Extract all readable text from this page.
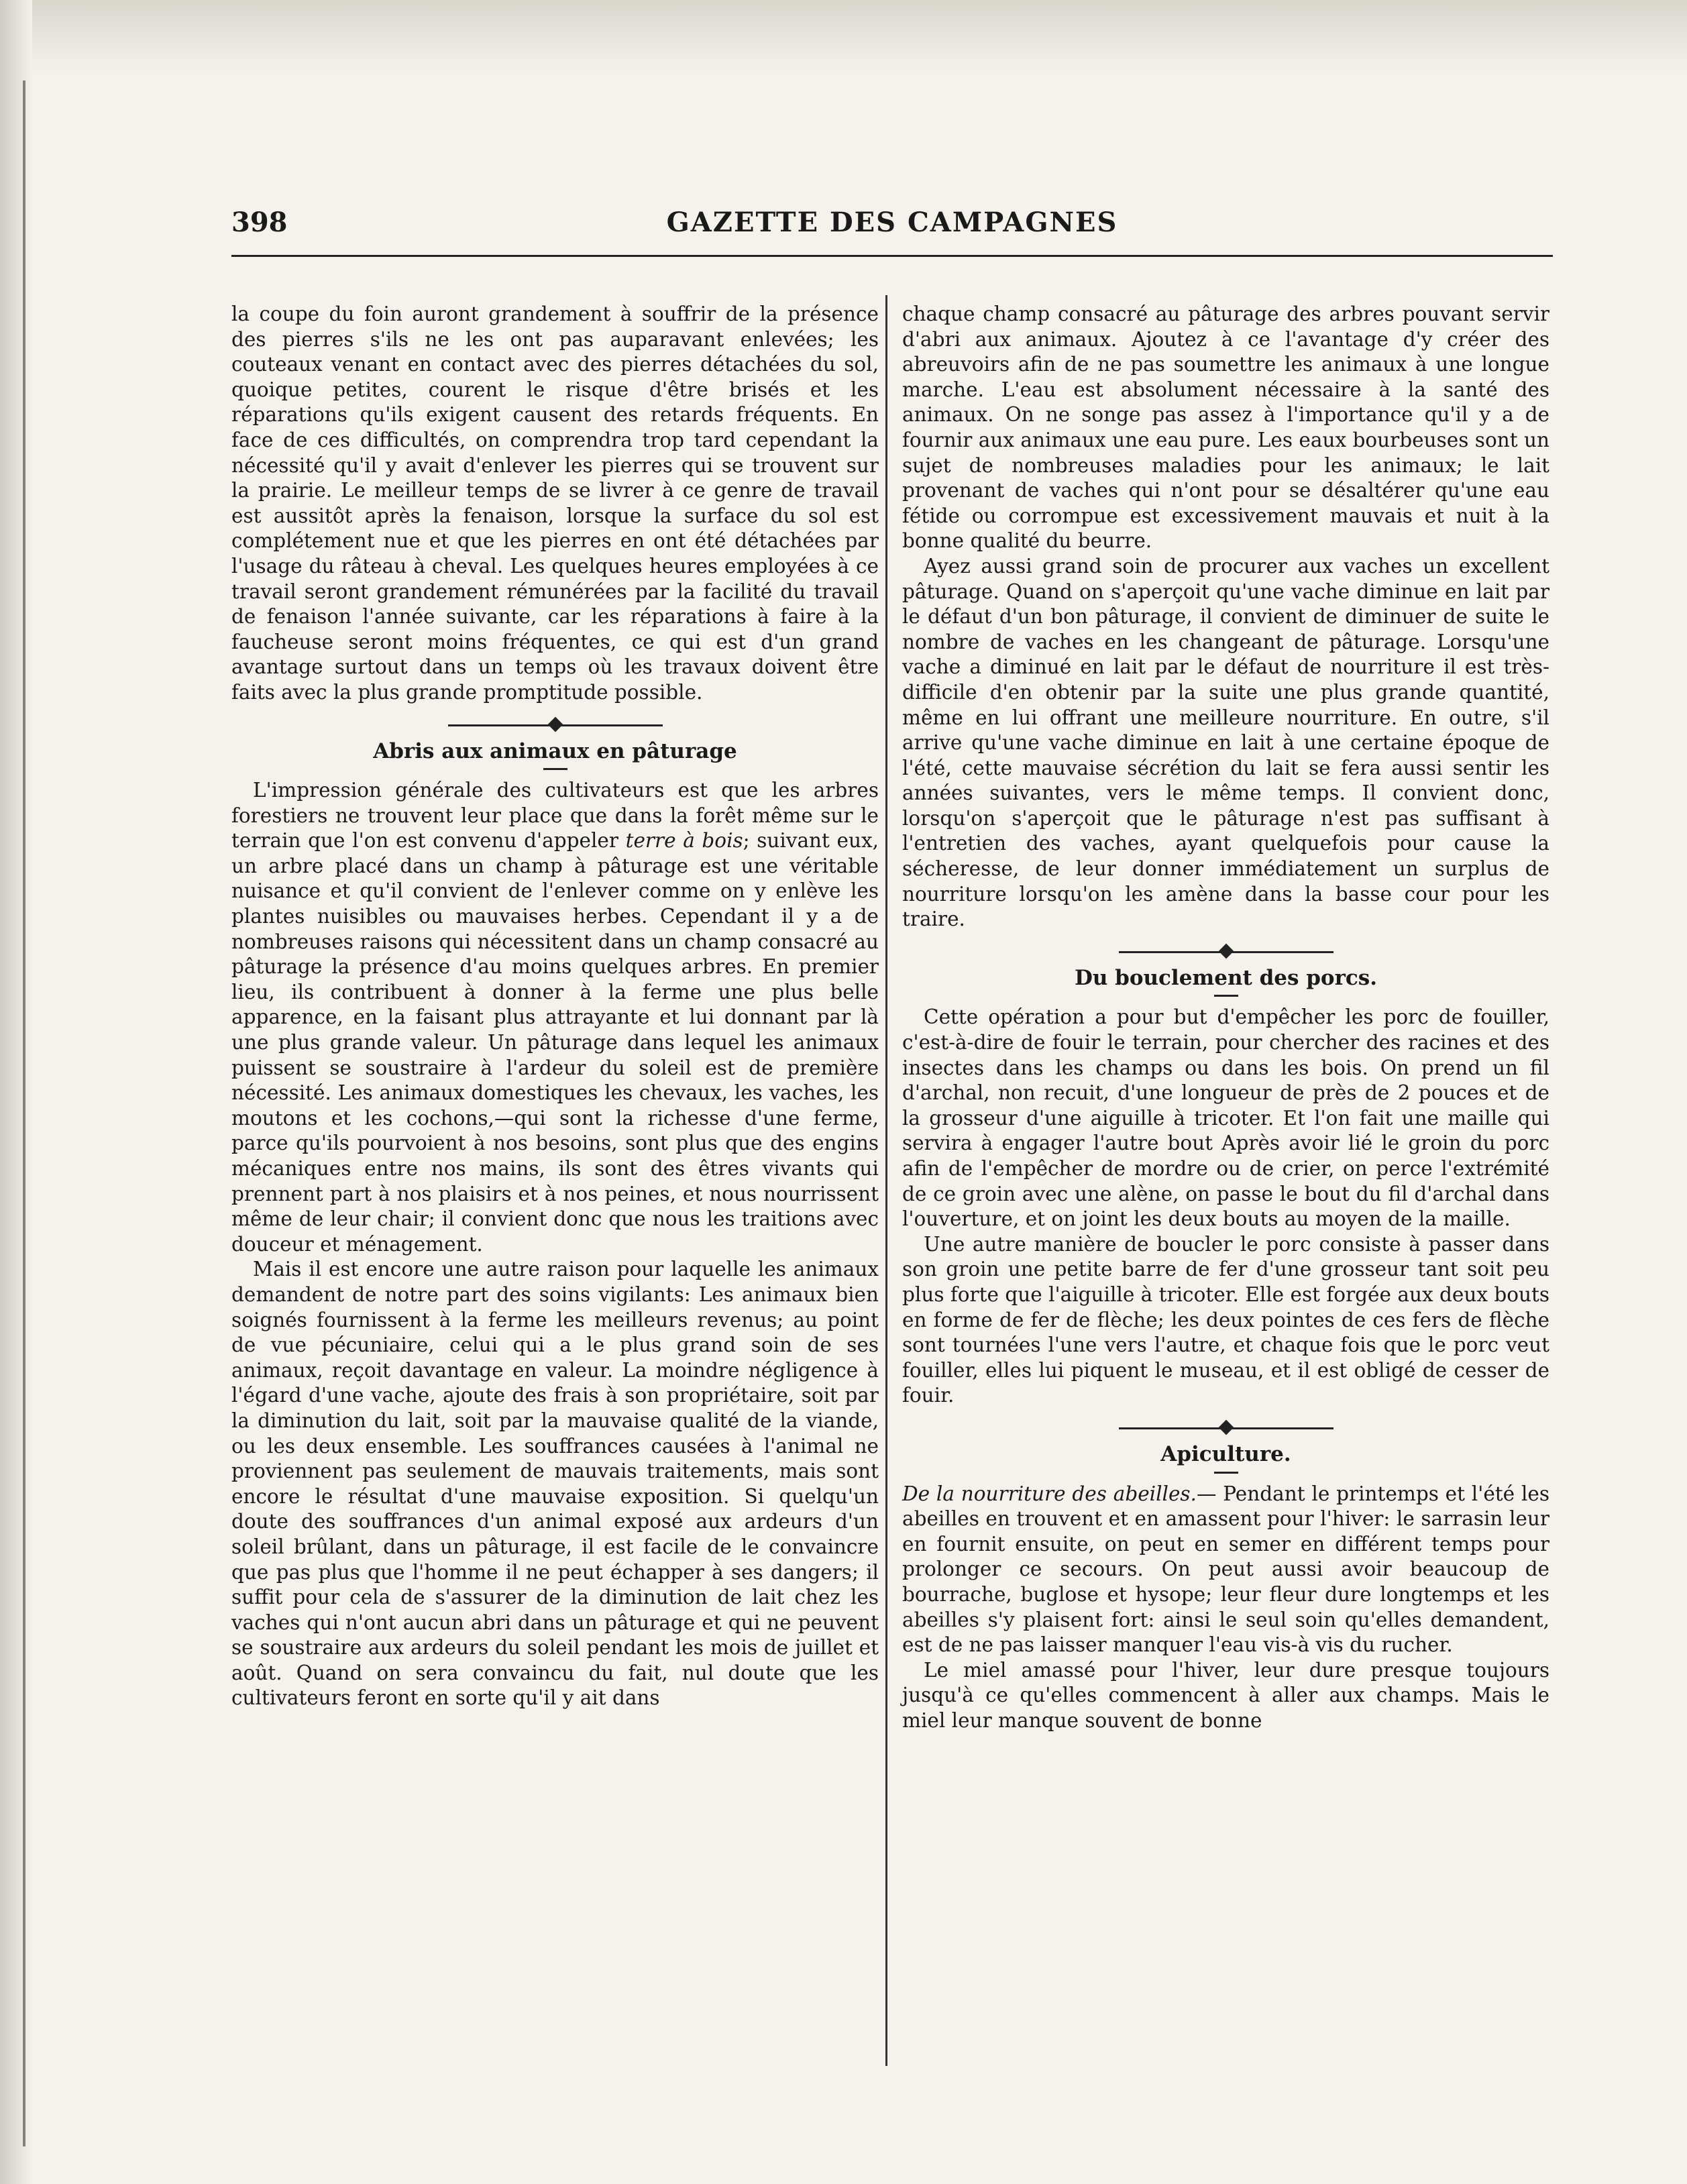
398	GAZETTE DES CAMPAGNES

la coupe du foin auront grandement à souffrir de la présence des pierres s'ils ne les ont pas auparavant enlevées; les couteaux venant en contact avec des pierres détachées du sol, quoique petites, courent le risque d'être brisés et les réparations qu'ils exigent causent des retards fréquents. En face de ces difficultés, on comprendra trop tard cependant la nécessité qu'il y avait d'enlever les pierres qui se trouvent sur la prairie. Le meilleur temps de se livrer à ce genre de travail est aussitôt après la fenaison, lorsque la surface du sol est complétement nue et que les pierres en ont été détachées par l'usage du râteau à cheval. Les quelques heures employées à ce travail seront grandement rémunérées par la facilité du travail de fenaison l'année suivante, car les réparations à faire à la faucheuse seront moins fréquentes, ce qui est d'un grand avantage surtout dans un temps où les travaux doivent être faits avec la plus grande promptitude possible.

Abris aux animaux en pâturage

L'impression générale des cultivateurs est que les arbres forestiers ne trouvent leur place que dans la forêt même sur le terrain que l'on est convenu d'appeler terre à bois; suivant eux, un arbre placé dans un champ à pâturage est une véritable nuisance et qu'il convient de l'enlever comme on y enlève les plantes nuisibles ou mauvaises herbes. Cependant il y a de nombreuses raisons qui nécessitent dans un champ consacré au pâturage la présence d'au moins quelques arbres. En premier lieu, ils contribuent à donner à la ferme une plus belle apparence, en la faisant plus attrayante et lui donnant par là une plus grande valeur. Un pâturage dans lequel les animaux puissent se soustraire à l'ardeur du soleil est de première nécessité. Les animaux domestiques les chevaux, les vaches, les moutons et les cochons,—qui sont la richesse d'une ferme, parce qu'ils pourvoient à nos besoins, sont plus que des engins mécaniques entre nos mains, ils sont des êtres vivants qui prennent part à nos plaisirs et à nos peines, et nous nourrissent même de leur chair; il convient donc que nous les traitions avec douceur et ménagement.

Mais il est encore une autre raison pour laquelle les animaux demandent de notre part des soins vigilants: Les animaux bien soignés fournissent à la ferme les meilleurs revenus; au point de vue pécuniaire, celui qui a le plus grand soin de ses animaux, reçoit davantage en valeur. La moindre négligence à l'égard d'une vache, ajoute des frais à son propriétaire, soit par la diminution du lait, soit par la mauvaise qualité de la viande, ou les deux ensemble. Les souffrances causées à l'animal ne proviennent pas seulement de mauvais traitements, mais sont encore le résultat d'une mauvaise exposition. Si quelqu'un doute des souffrances d'un animal exposé aux ardeurs d'un soleil brûlant, dans un pâturage, il est facile de le convaincre que pas plus que l'homme il ne peut échapper à ses dangers; il suffit pour cela de s'assurer de la diminution de lait chez les vaches qui n'ont aucun abri dans un pâturage et qui ne peuvent se soustraire aux ardeurs du soleil pendant les mois de juillet et août. Quand on sera convaincu du fait, nul doute que les cultivateurs feront en sorte qu'il y ait dans

chaque champ consacré au pâturage des arbres pouvant servir d'abri aux animaux. Ajoutez à ce l'avantage d'y créer des abreuvoirs afin de ne pas soumettre les animaux à une longue marche. L'eau est absolument nécessaire à la santé des animaux. On ne songe pas assez à l'importance qu'il y a de fournir aux animaux une eau pure. Les eaux bourbeuses sont un sujet de nombreuses maladies pour les animaux; le lait provenant de vaches qui n'ont pour se désaltérer qu'une eau fétide ou corrompue est excessivement mauvais et nuit à la bonne qualité du beurre.

Ayez aussi grand soin de procurer aux vaches un excellent pâturage. Quand on s'aperçoit qu'une vache diminue en lait par le défaut d'un bon pâturage, il convient de diminuer de suite le nombre de vaches en les changeant de pâturage. Lorsqu'une vache a diminué en lait par le défaut de nourriture il est très-difficile d'en obtenir par la suite une plus grande quantité, même en lui offrant une meilleure nourriture. En outre, s'il arrive qu'une vache diminue en lait à une certaine époque de l'été, cette mauvaise sécrétion du lait se fera aussi sentir les années suivantes, vers le même temps. Il convient donc, lorsqu'on s'aperçoit que le pâturage n'est pas suffisant à l'entretien des vaches, ayant quelquefois pour cause la sécheresse, de leur donner immédiatement un surplus de nourriture lorsqu'on les amène dans la basse cour pour les traire.

Du bouclement des porcs.

Cette opération a pour but d'empêcher les porc de fouiller, c'est-à-dire de fouir le terrain, pour chercher des racines et des insectes dans les champs ou dans les bois. On prend un fil d'archal, non recuit, d'une longueur de près de 2 pouces et de la grosseur d'une aiguille à tricoter. Et l'on fait une maille qui servira à engager l'autre bout Après avoir lié le groin du porc afin de l'empêcher de mordre ou de crier, on perce l'extrémité de ce groin avec une alène, on passe le bout du fil d'archal dans l'ouverture, et on joint les deux bouts au moyen de la maille.

Une autre manière de boucler le porc consiste à passer dans son groin une petite barre de fer d'une grosseur tant soit peu plus forte que l'aiguille à tricoter. Elle est forgée aux deux bouts en forme de fer de flèche; les deux pointes de ces fers de flèche sont tournées l'une vers l'autre, et chaque fois que le porc veut fouiller, elles lui piquent le museau, et il est obligé de cesser de fouir.

Apiculture.

De la nourriture des abeilles.— Pendant le printemps et l'été les abeilles en trouvent et en amassent pour l'hiver: le sarrasin leur en fournit ensuite, on peut en semer en différent temps pour prolonger ce secours. On peut aussi avoir beaucoup de bourrache, buglose et hysope; leur fleur dure longtemps et les abeilles s'y plaisent fort: ainsi le seul soin qu'elles demandent, est de ne pas laisser manquer l'eau vis-à vis du rucher.

Le miel amassé pour l'hiver, leur dure presque toujours jusqu'à ce qu'elles commencent à aller aux champs. Mais le miel leur manque souvent de bonne
